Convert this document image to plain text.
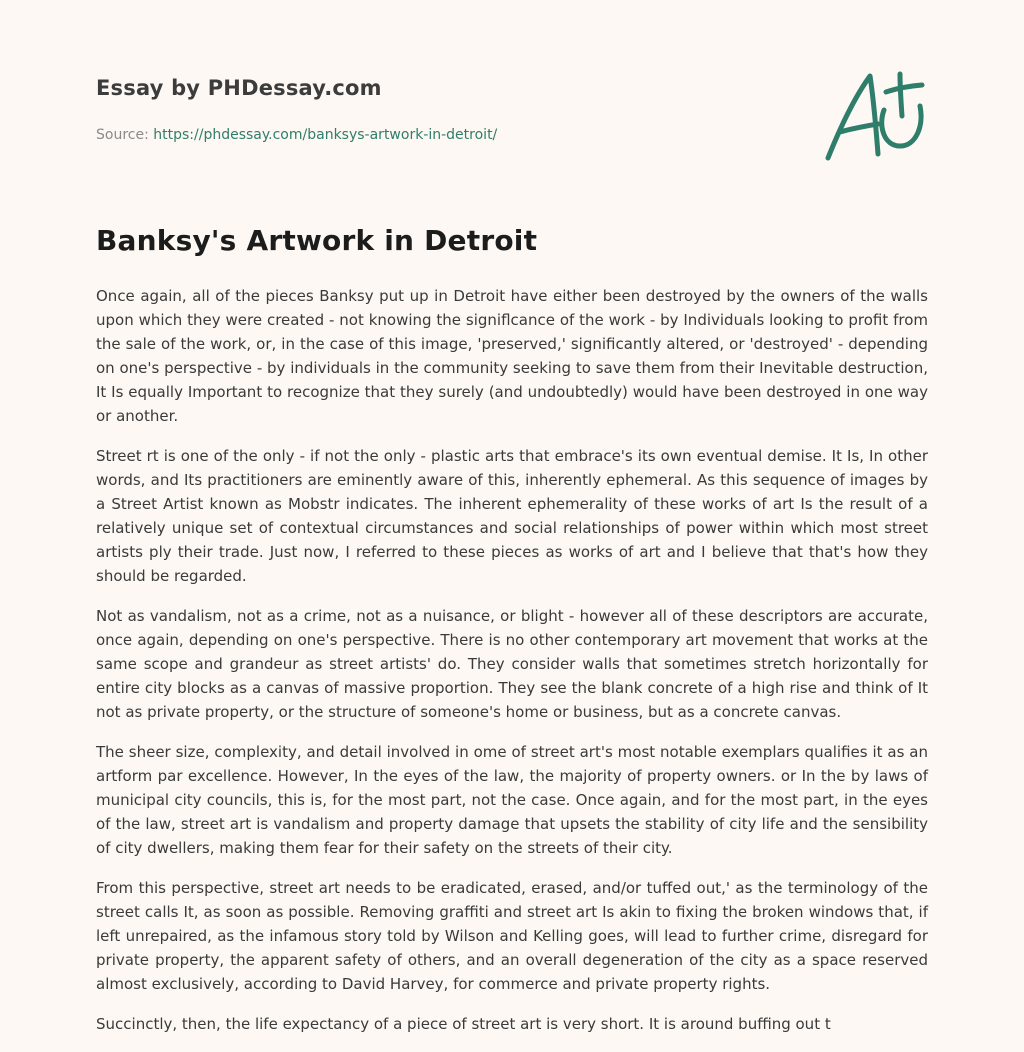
Essay by PHDessay.com
Source: https://phdessay.com/banksys-artwork-in-detroit/
Banksy's Artwork in Detroit

Once again, all of the pieces Banksy put up in Detroit have either been destroyed by the owners of the walls upon which they were created - not knowing the signiflcance of the work - by Individuals looking to profit from the sale of the work, or, in the case of this image, 'preserved,' significantly altered, or 'destroyed' - depending on one's perspective - by individuals in the community seeking to save them from their Inevitable destruction, It Is equally Important to recognize that they surely (and undoubtedly) would have been destroyed in one way or another.

Street rt is one of the only - if not the only - plastic arts that embrace's its own eventual demise. It Is, In other words, and Its practitioners are eminently aware of this, inherently ephemeral. As this sequence of images by a Street Artist known as Mobstr indicates. The inherent ephemerality of these works of art Is the result of a relatively unique set of contextual circumstances and social relationships of power within which most street artists ply their trade. Just now, I referred to these pieces as works of art and I believe that that's how they should be regarded.

Not as vandalism, not as a crime, not as a nuisance, or blight - however all of these descriptors are accurate, once again, depending on one's perspective. There is no other contemporary art movement that works at the same scope and grandeur as street artists' do. They consider walls that sometimes stretch horizontally for entire city blocks as a canvas of massive proportion. They see the blank concrete of a high rise and think of It not as private property, or the structure of someone's home or business, but as a concrete canvas.

The sheer size, complexity, and detail involved in ome of street art's most notable exemplars qualifies it as an artform par excellence. However, In the eyes of the law, the majority of property owners. or In the by laws of municipal city councils, this is, for the most part, not the case. Once again, and for the most part, in the eyes of the law, street art is vandalism and property damage that upsets the stability of city life and the sensibility of city dwellers, making them fear for their safety on the streets of their city.

From this perspective, street art needs to be eradicated, erased, and/or tuffed out,' as the terminology of the street calls It, as soon as possible. Removing graffiti and street art Is akin to fixing the broken windows that, if left unrepaired, as the infamous story told by Wilson and Kelling goes, will lead to further crime, disregard for private property, the apparent safety of others, and an overall degeneration of the city as a space reserved almost exclusively, according to David Harvey, for commerce and private property rights.

Succinctly, then, the life expectancy of a piece of street art is very short. It is around buffing out t
